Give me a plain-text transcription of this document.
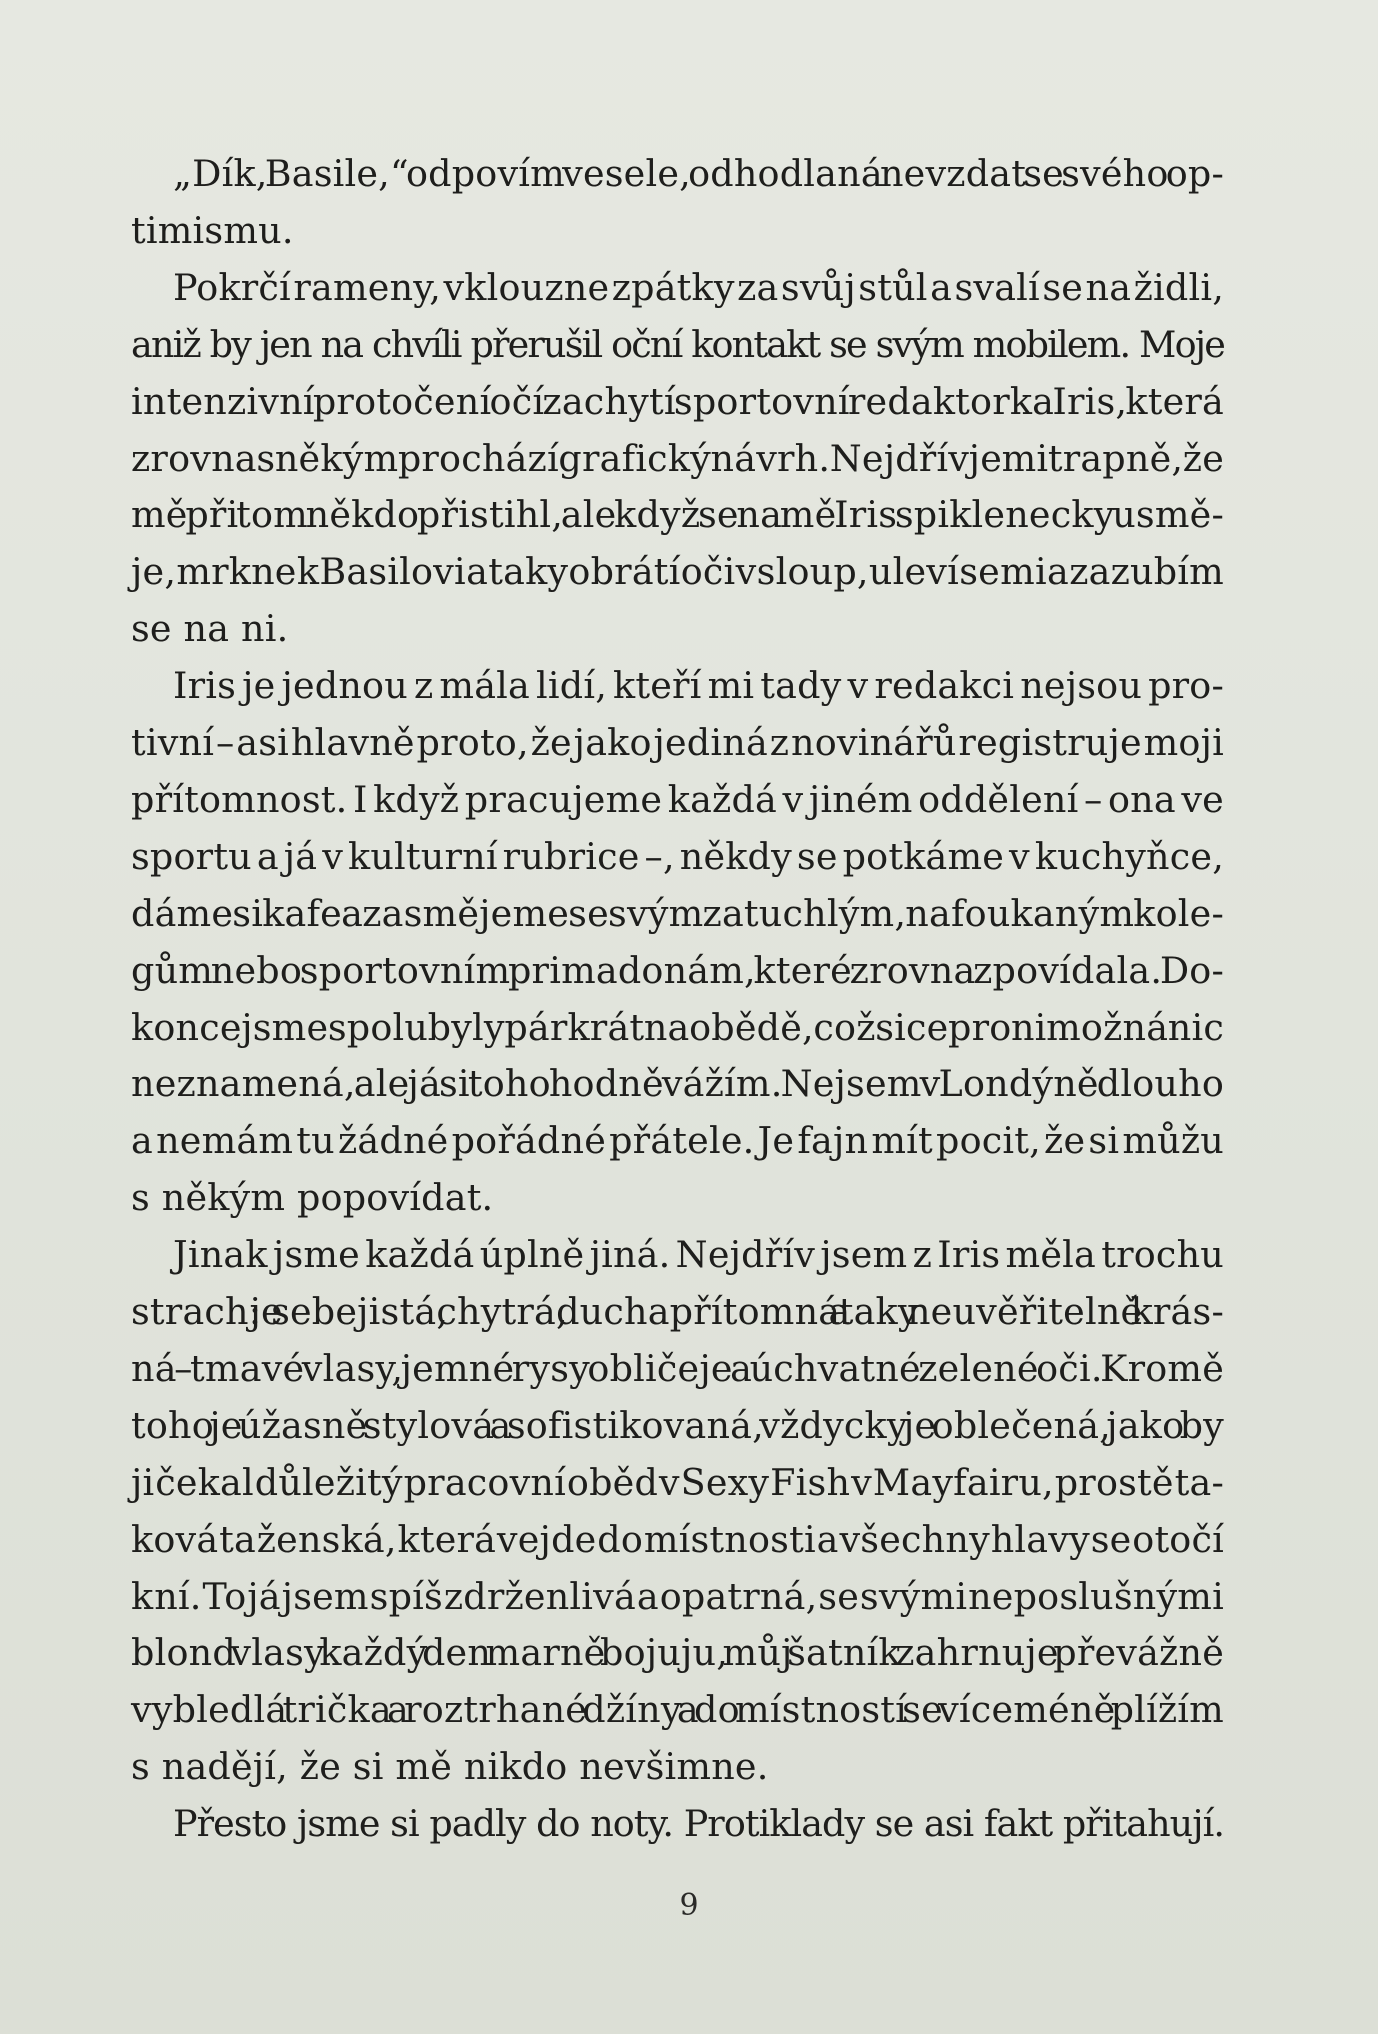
„Dík, Basile,“ odpovím vesele, odhodlaná nevzdat se svého op-
timismu.
Pokrčí rameny, vklouzne zpátky za svůj stůl a svalí se na židli,
aniž by jen na chvíli přerušil oční kontakt se svým mobilem. Moje
intenzivní protočení očí zachytí sportovní redaktorka Iris, která
zrovna s někým prochází grafický návrh. Nejdřív je mi trapně, že
mě při tom někdo přistihl, ale když se na mě Iris spiklenecky usmě-
je, mrkne k Basilovi a taky obrátí oči v sloup, uleví se mi a zazubím
se na ni.
Iris je jednou z mála lidí, kteří mi tady v redakci nejsou pro-
tivní – asi hlavně proto, že jako jediná z novinářů registruje moji
přítomnost. I když pracujeme každá v jiném oddělení – ona ve
sportu a já v kulturní rubrice –, někdy se potkáme v kuchyňce,
dáme si kafe a zasmějeme se svým zatuchlým, nafoukaným kole-
gům nebo sportovním primadonám, které zrovna zpovídala. Do-
konce jsme spolu byly párkrát na obědě, což sice pro ni možná nic
neznamená, ale já si toho hodně vážím. Nejsem v Londýně dlouho
a nemám tu žádné pořádné přátele. Je fajn mít pocit, že si můžu
s někým popovídat.
Jinak jsme každá úplně jiná. Nejdřív jsem z Iris měla trochu
strach: je sebejistá, chytrá, duchapřítomná a taky neuvěřitelně krás-
ná – tmavé vlasy, jemné rysy obličeje a úchvatné zelené oči. Kromě
toho je úžasně stylová a sofistikovaná, vždycky je oblečená, jako by
ji čekal důležitý pracovní oběd v Sexy Fish v Mayfairu, prostě ta-
ková ta ženská, která vejde do místnosti a všechny hlavy se otočí
k ní. To já jsem spíš zdrženlivá a opatrná, se svými neposlušnými
blond vlasy každý den marně bojuju, můj šatník zahrnuje převážně
vybledlá trička a roztrhané džíny a do místností se víceméně plížím
s nadějí, že si mě nikdo nevšimne.
Přesto jsme si padly do noty. Protiklady se asi fakt přitahují.
9
